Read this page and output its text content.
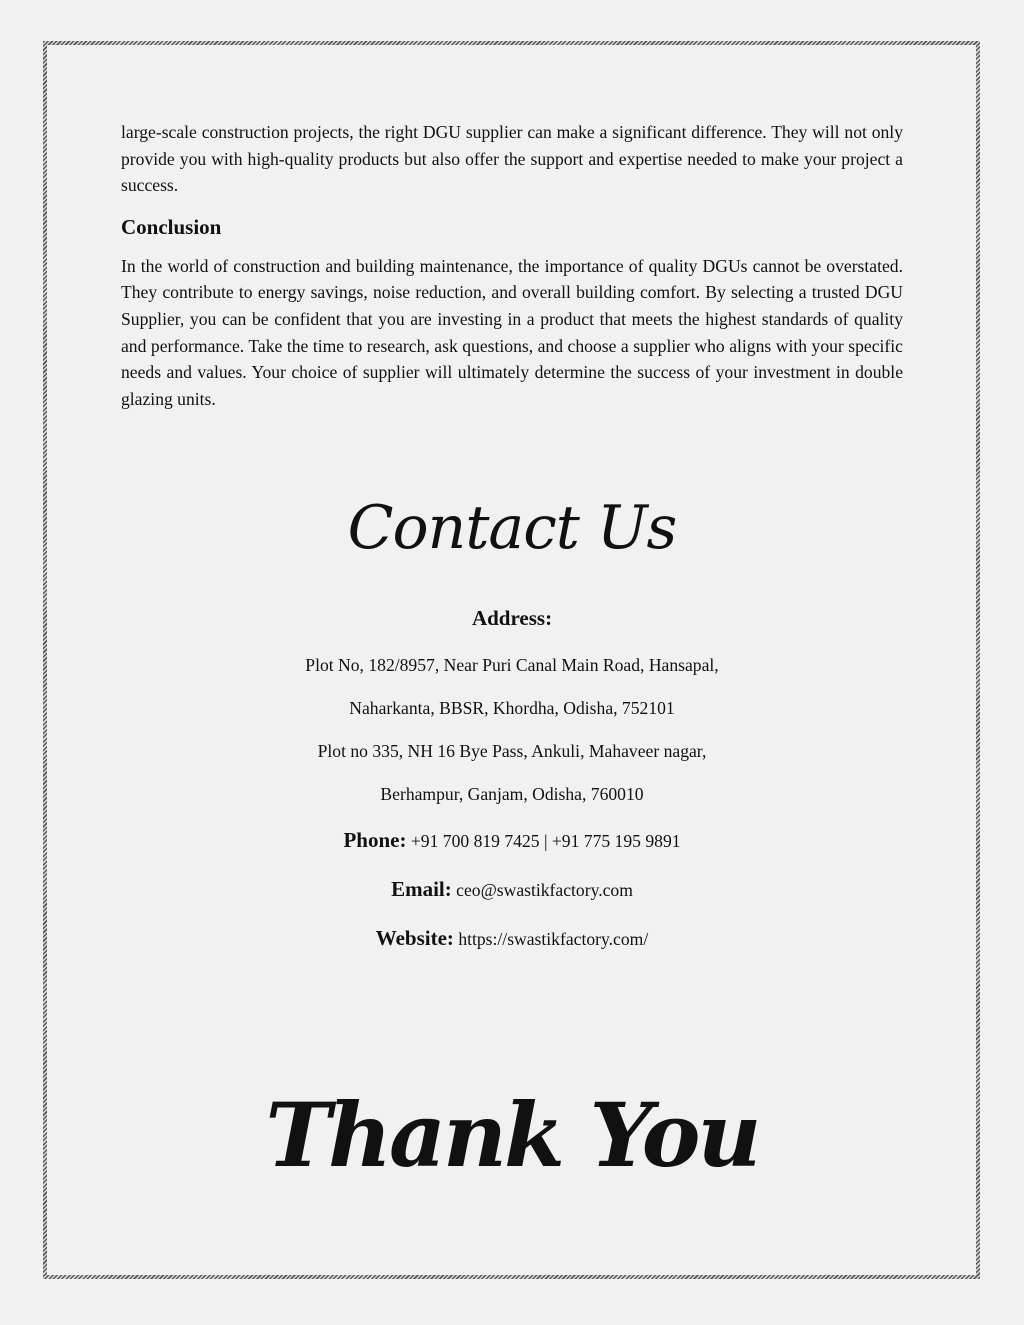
large-scale construction projects, the right DGU supplier can make a significant difference. They will not only provide you with high-quality products but also offer the support and expertise needed to make your project a success.

Conclusion

In the world of construction and building maintenance, the importance of quality DGUs cannot be overstated. They contribute to energy savings, noise reduction, and overall building comfort. By selecting a trusted DGU Supplier, you can be confident that you are investing in a product that meets the highest standards of quality and performance. Take the time to research, ask questions, and choose a supplier who aligns with your specific needs and values. Your choice of supplier will ultimately determine the success of your investment in double glazing units.

Contact Us
Address:
Plot No, 182/8957, Near Puri Canal Main Road, Hansapal,
Naharkanta, BBSR, Khordha, Odisha, 752101
Plot no 335, NH 16 Bye Pass, Ankuli, Mahaveer nagar,
Berhampur, Ganjam, Odisha, 760010
Phone: +91 700 819 7425 | +91 775 195 9891
Email: ceo@swastikfactory.com
Website: https://swastikfactory.com/
Thank You
